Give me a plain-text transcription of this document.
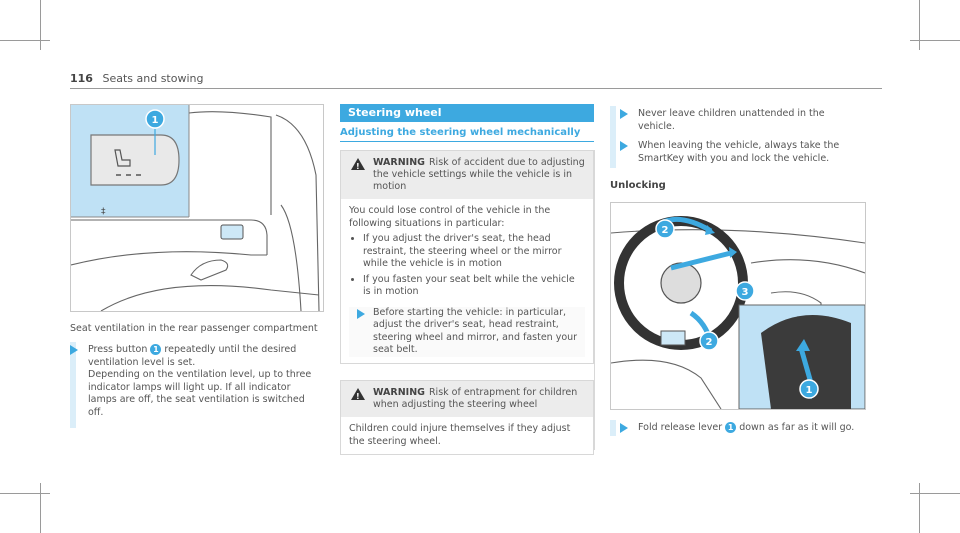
116 Seats and stowing
1
‡
Seat ventilation in the rear passenger compartment
Press button 1 repeatedly until the desired ventilation level is set.
Depending on the ventilation level, up to three indicator lamps will light up. If all indicator lamps are off, the seat ventilation is switched off.
Steering wheel
Adjusting the steering wheel mechanically
! WARNING Risk of accident due to adjusting the vehicle settings while the vehicle is in motion
You could lose control of the vehicle in the following situations in particular:
• If you adjust the driver's seat, the head restraint, the steering wheel or the mirror while the vehicle is in motion
• If you fasten your seat belt while the vehicle is in motion
Before starting the vehicle: in particular, adjust the driver's seat, head restraint, steering wheel and mirror, and fasten your seat belt.
! WARNING Risk of entrapment for children when adjusting the steering wheel
Children could injure themselves if they adjust the steering wheel.
Never leave children unattended in the vehicle.
When leaving the vehicle, always take the SmartKey with you and lock the vehicle.
Unlocking
2
3
2
1
Fold release lever 1 down as far as it will go.
